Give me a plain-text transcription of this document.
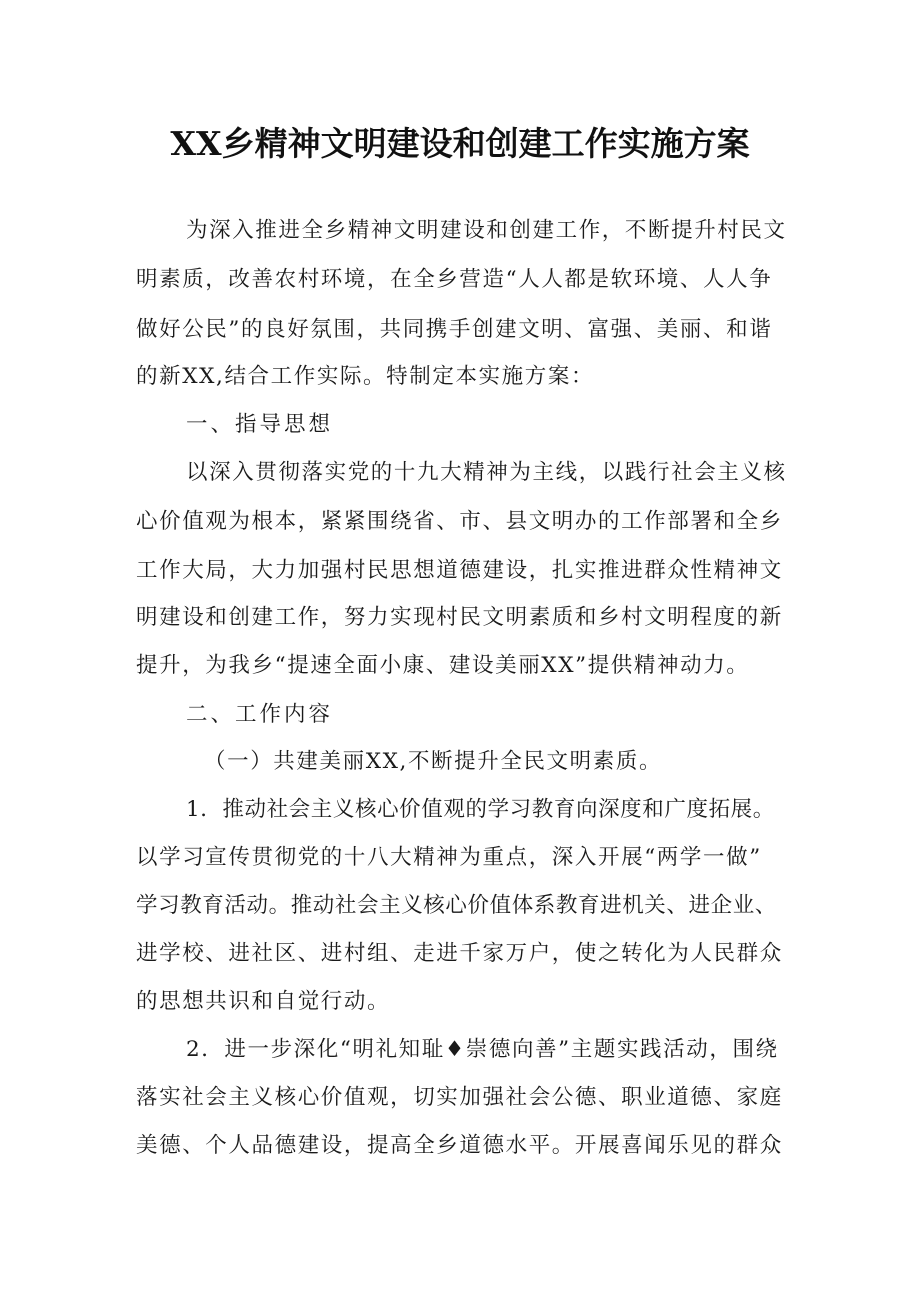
XX乡精神文明建设和创建工作实施方案
为深入推进全乡精神文明建设和创建工作，不断提升村民文
明素质，改善农村环境，在全乡营造“人人都是软环境、人人争
做好公民”的良好氛围，共同携手创建文明、富强、美丽、和谐
的新XX,结合工作实际。特制定本实施方案：
一、指导思想
以深入贯彻落实党的十九大精神为主线，以践行社会主义核
心价值观为根本，紧紧围绕省、市、县文明办的工作部署和全乡
工作大局，大力加强村民思想道德建设，扎实推进群众性精神文
明建设和创建工作，努力实现村民文明素质和乡村文明程度的新
提升，为我乡“提速全面小康、建设美丽XX”提供精神动力。
二、工作内容
（一）共建美丽XX,不断提升全民文明素质。
1．推动社会主义核心价值观的学习教育向深度和广度拓展。
以学习宣传贯彻党的十八大精神为重点，深入开展“两学一做”
学习教育活动。推动社会主义核心价值体系教育进机关、进企业、
进学校、进社区、进村组、走进千家万户，使之转化为人民群众
的思想共识和自觉行动。
2．进一步深化“明礼知耻♦崇德向善”主题实践活动，围绕
落实社会主义核心价值观，切实加强社会公德、职业道德、家庭
美德、个人品德建设，提高全乡道德水平。开展喜闻乐见的群众
